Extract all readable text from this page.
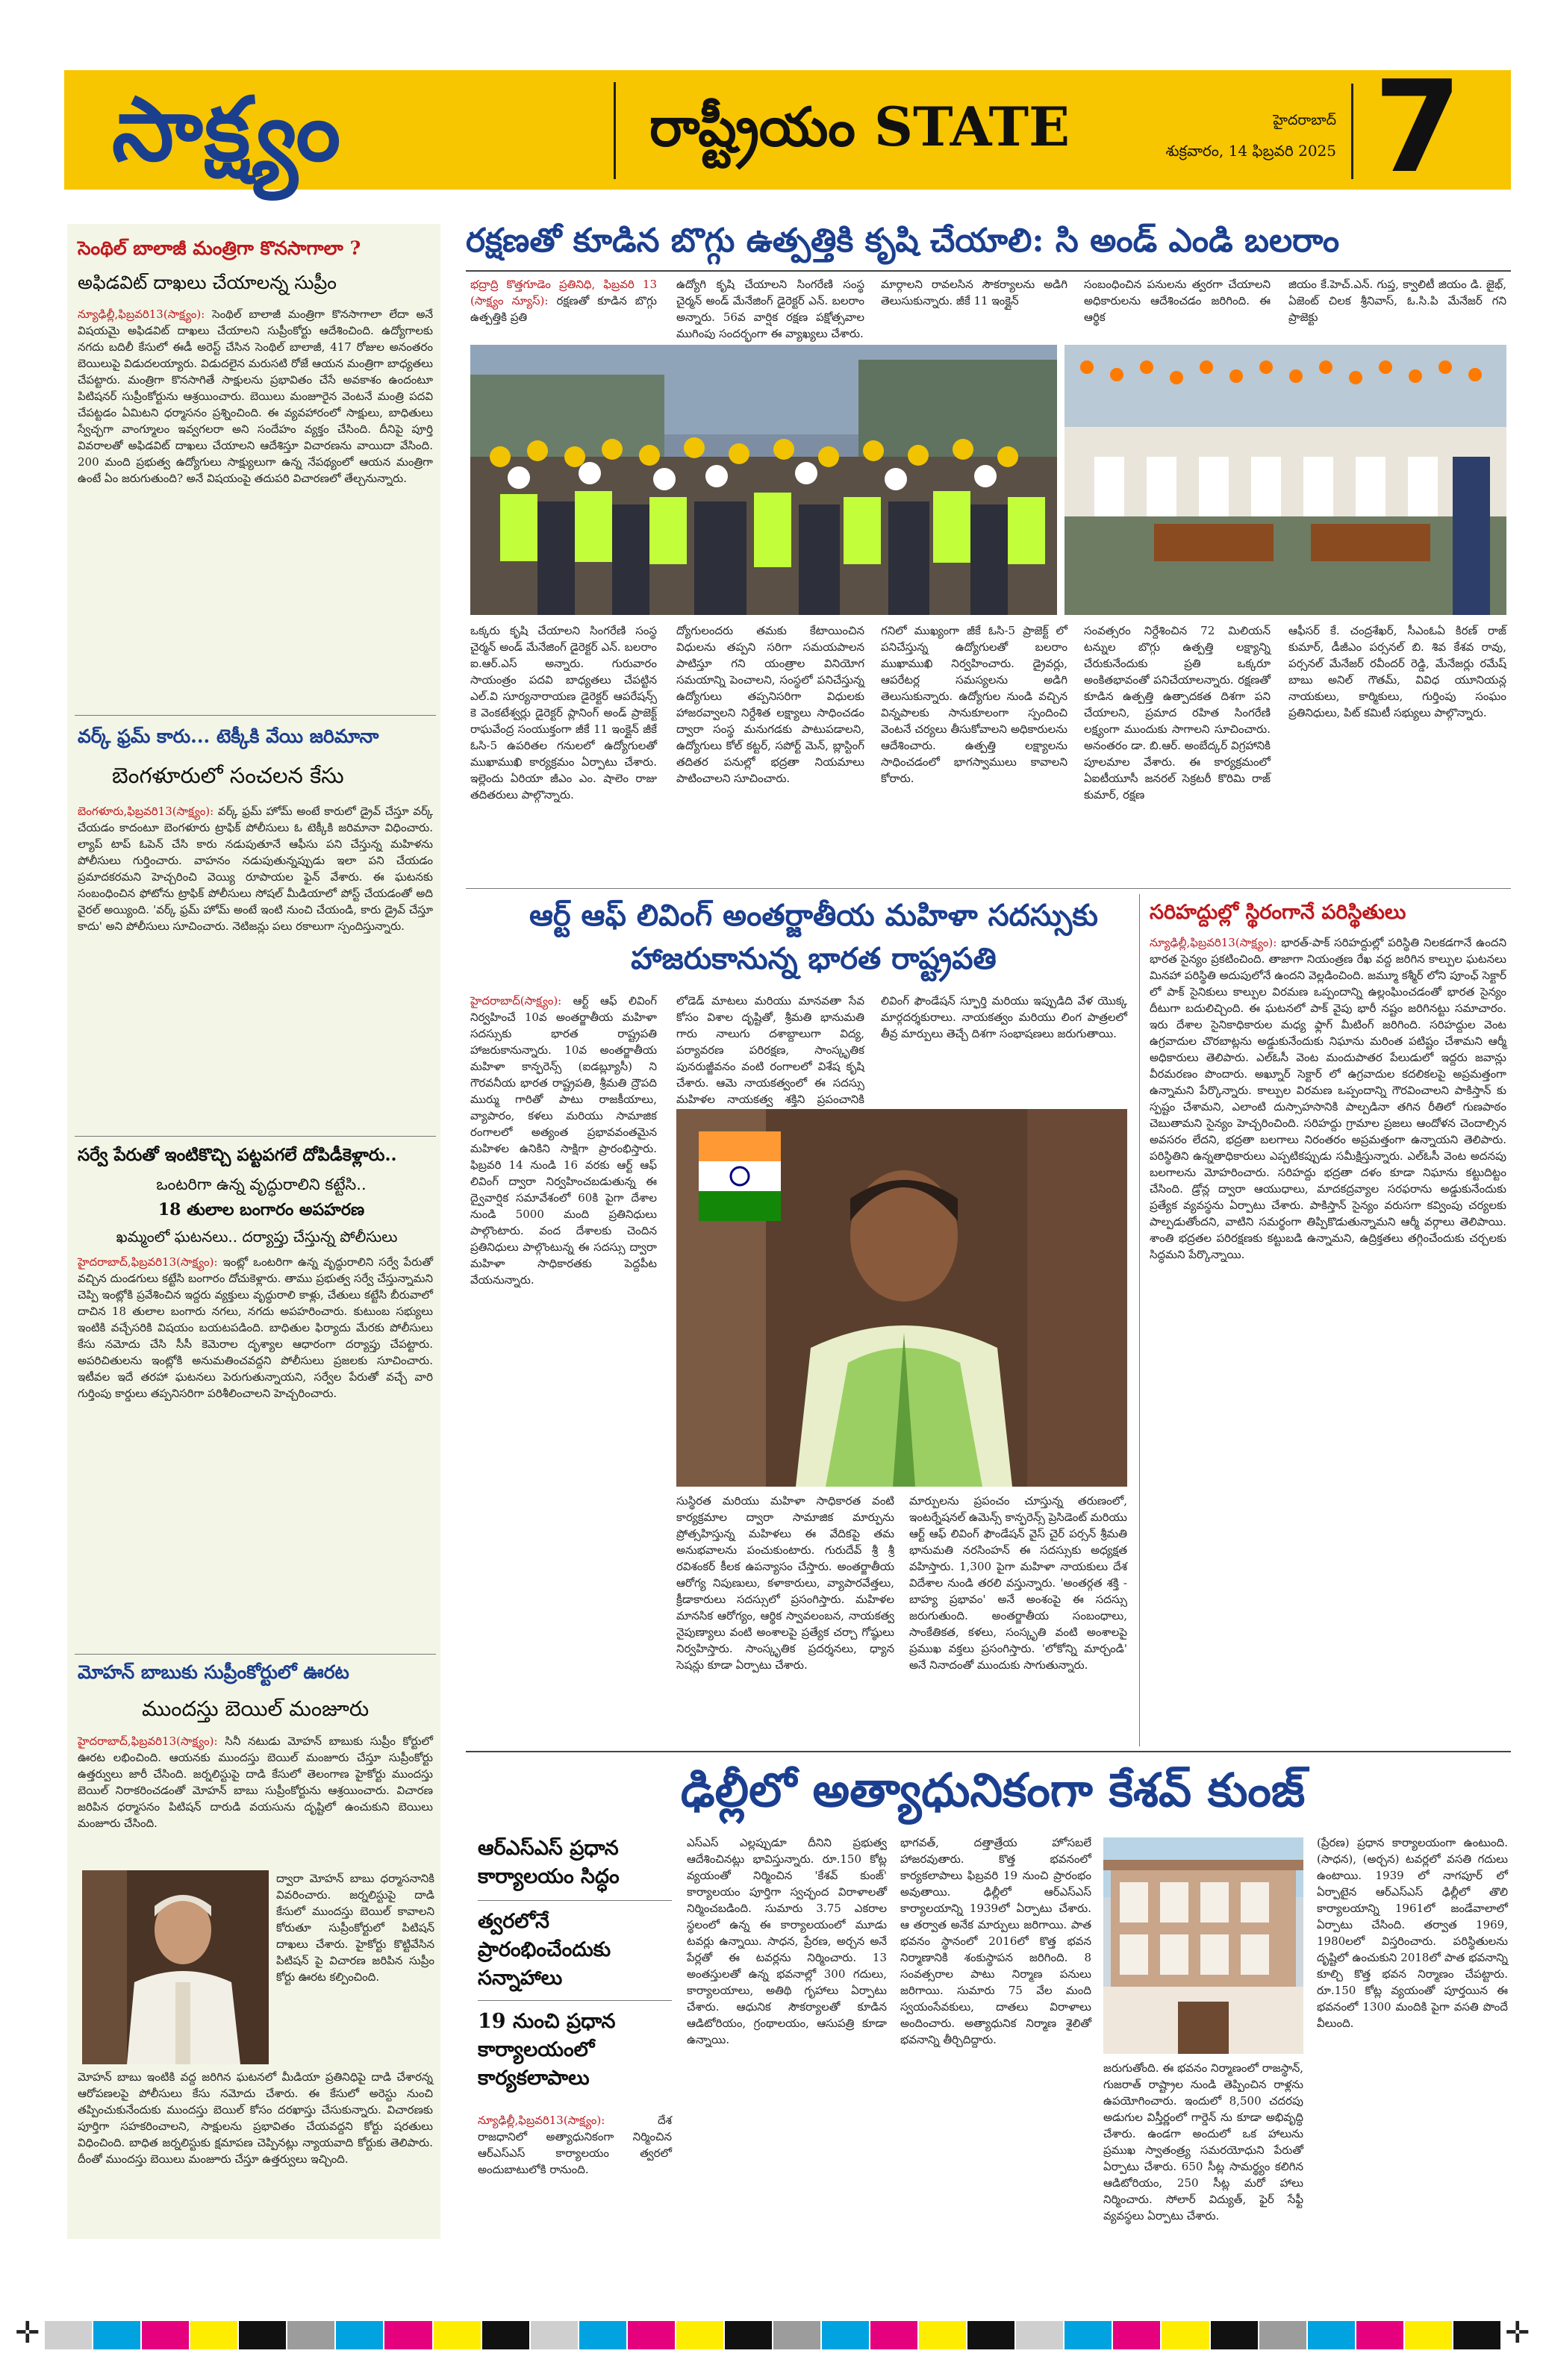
సాక్ష్యం	రాష్ట్రీయం STATE	హైదరాబాద్
శుక్రవారం, 14 ఫిబ్రవరి 2025 7
సెంథిల్ బాలాజీ మంత్రిగా కొనసాగాలా ?
అఫిడవిట్ దాఖలు చేయాలన్న సుప్రీం
న్యూఢిల్లీ,ఫిబ్రవరి13(సాక్ష్యం): సెంథిల్ బాలాజీ మంత్రిగా కొనసాగాలా లేదా అనే విషయమై అఫిడవిట్ దాఖలు చేయాలని సుప్రీంకోర్టు ఆదేశించింది. ఉద్యోగాలకు నగదు బదిలీ కేసులో ఈడీ అరెస్ట్ చేసిన సెంథిల్ బాలాజీ, 417 రోజుల అనంతరం బెయిలుపై విడుదలయ్యారు. విడుదలైన మరుసటి రోజే ఆయన మంత్రిగా బాధ్యతలు చేపట్టారు. మంత్రిగా కొనసాగితే సాక్షులను ప్రభావితం చేసే అవకాశం ఉందంటూ పిటిషనర్ సుప్రీంకోర్టును ఆశ్రయించారు. బెయిలు మంజూరైన వెంటనే మంత్రి పదవి చేపట్టడం ఏమిటని ధర్మాసనం ప్రశ్నించింది. ఈ వ్యవహారంలో సాక్షులు, బాధితులు స్వేచ్ఛగా వాంగ్మూలం ఇవ్వగలరా అని సందేహం వ్యక్తం చేసింది. దీనిపై పూర్తి వివరాలతో అఫిడవిట్ దాఖలు చేయాలని ఆదేశిస్తూ విచారణను వాయిదా వేసింది. 200 మంది ప్రభుత్వ ఉద్యోగులు సాక్ష్యులుగా ఉన్న నేపథ్యంలో ఆయన మంత్రిగా ఉంటే ఏం జరుగుతుంది? అనే విషయంపై తదుపరి విచారణలో తేల్చనున్నారు.
వర్క్ ఫ్రమ్ కారు... టెక్కీకి వేయి జరిమానా
బెంగళూరులో సంచలన కేసు
బెంగళూరు,ఫిబ్రవరి13(సాక్ష్యం): వర్క్ ఫ్రమ్ హోమ్ అంటే కారులో డ్రైవ్ చేస్తూ వర్క్ చేయడం కాదంటూ బెంగళూరు ట్రాఫిక్ పోలీసులు ఓ టెక్కీకి జరిమానా విధించారు. ల్యాప్ టాప్ ఓపెన్ చేసి కారు నడుపుతూనే ఆఫీసు పని చేస్తున్న మహిళను పోలీసులు గుర్తించారు. వాహనం నడుపుతున్నప్పుడు ఇలా పని చేయడం ప్రమాదకరమని హెచ్చరించి వెయ్యి రూపాయల ఫైన్ వేశారు. ఈ ఘటనకు సంబంధించిన ఫోటోను ట్రాఫిక్ పోలీసులు సోషల్ మీడియాలో పోస్ట్ చేయడంతో అది వైరల్ అయ్యింది. 'వర్క్ ఫ్రమ్ హోమ్ అంటే ఇంటి నుంచి చేయండి, కారు డ్రైవ్ చేస్తూ కాదు' అని పోలీసులు సూచించారు. నెటిజన్లు పలు రకాలుగా స్పందిస్తున్నారు.
సర్వే పేరుతో ఇంటికొచ్చి పట్టపగలే దోపిడీకెళ్లారు..
ఒంటరిగా ఉన్న వృద్ధురాలిని కట్టేసి..
18 తులాల బంగారం అపహరణ
ఖమ్మంలో ఘటనలు.. దర్యాప్తు చేస్తున్న పోలీసులు
హైదరాబాద్,ఫిబ్రవరి13(సాక్ష్యం): ఇంట్లో ఒంటరిగా ఉన్న వృద్ధురాలిని సర్వే పేరుతో వచ్చిన దుండగులు కట్టేసి బంగారం దోచుకెళ్లారు. తాము ప్రభుత్వ సర్వే చేస్తున్నామని చెప్పి ఇంట్లోకి ప్రవేశించిన ఇద్దరు వ్యక్తులు వృద్ధురాలి కాళ్లు, చేతులు కట్టేసి బీరువాలో దాచిన 18 తులాల బంగారు నగలు, నగదు అపహరించారు. కుటుంబ సభ్యులు ఇంటికి వచ్చేసరికి విషయం బయటపడింది. బాధితుల ఫిర్యాదు మేరకు పోలీసులు కేసు నమోదు చేసి సీసీ కెమెరాల దృశ్యాల ఆధారంగా దర్యాప్తు చేపట్టారు. అపరిచితులను ఇంట్లోకి అనుమతించవద్దని పోలీసులు ప్రజలకు సూచించారు. ఇటీవల ఇదే తరహా ఘటనలు పెరుగుతున్నాయని, సర్వేల పేరుతో వచ్చే వారి గుర్తింపు కార్డులు తప్పనిసరిగా పరిశీలించాలని హెచ్చరించారు.
మోహన్ బాబుకు సుప్రీంకోర్టులో ఊరట
ముందస్తు బెయిల్ మంజూరు
హైదరాబాద్,ఫిబ్రవరి13(సాక్ష్యం): సినీ నటుడు మోహన్ బాబుకు సుప్రీం కోర్టులో ఊరట లభించింది. ఆయనకు ముందస్తు బెయిల్ మంజూరు చేస్తూ సుప్రీంకోర్టు ఉత్తర్వులు జారీ చేసింది. జర్నలిస్టుపై దాడి కేసులో తెలంగాణ హైకోర్టు ముందస్తు బెయిల్ నిరాకరించడంతో మోహన్ బాబు సుప్రీంకోర్టును ఆశ్రయించారు. విచారణ జరిపిన ధర్మాసనం పిటిషన్ దారుడి వయసును దృష్టిలో ఉంచుకుని బెయిలు మంజూరు చేసింది.
ద్వారా మోహన్ బాబు ధర్మాసనానికి వివరించారు. జర్నలిస్టుపై దాడి కేసులో ముందస్తు బెయిల్ కావాలని కోరుతూ సుప్రీంకోర్టులో పిటిషన్ దాఖలు చేశారు. హైకోర్టు కొట్టివేసిన పిటిషన్ పై విచారణ జరిపిన సుప్రీం కోర్టు ఊరట కల్పించింది.
మోహన్ బాబు ఇంటికి వద్ద జరిగిన ఘటనలో మీడియా ప్రతినిధిపై దాడి చేశారన్న ఆరోపణలపై పోలీసులు కేసు నమోదు చేశారు. ఈ కేసులో అరెస్టు నుంచి తప్పించుకునేందుకు ముందస్తు బెయిల్ కోసం దరఖాస్తు చేసుకున్నారు. విచారణకు పూర్తిగా సహకరించాలని, సాక్షులను ప్రభావితం చేయవద్దని కోర్టు షరతులు విధించింది. బాధిత జర్నలిస్టుకు క్షమాపణ చెప్పినట్లు న్యాయవాది కోర్టుకు తెలిపారు. దీంతో ముందస్తు బెయిలు మంజూరు చేస్తూ ఉత్తర్వులు ఇచ్చింది.
రక్షణతో కూడిన బొగ్గు ఉత్పత్తికి కృషి చేయాలి: సి అండ్ ఎండి బలరాం
భద్రాద్రి కొత్తగూడెం ప్రతినిధి, ఫిబ్రవరి 13 (సాక్ష్యం న్యూస్): రక్షణతో కూడిన బొగ్గు ఉత్పత్తికి ప్రతి
ఉద్యోగి కృషి చేయాలని సింగరేణి సంస్థ చైర్మన్ అండ్ మేనేజింగ్ డైరెక్టర్ ఎన్. బలరాం అన్నారు. 56వ వార్షిక రక్షణ పక్షోత్సవాల ముగింపు సందర్భంగా ఈ వ్యాఖ్యలు చేశారు.
మార్గాలని రావలసిన సౌకర్యాలను అడిగి తెలుసుకున్నారు. జీకే 11 ఇంక్లైన్
సంబంధించిన పనులను త్వరగా చేయాలని అధికారులను ఆదేశించడం జరిగింది. ఈ ఆర్థిక
జియం కే.హెచ్.ఎన్. గుప్త, క్వాలిటీ జియం డి. జైభ్, ఏజెంట్ చిలక శ్రీనివాస్, ఓ.సి.పి మేనేజర్ గని ప్రాజెక్టు
ఒక్కరు కృషి చేయాలని సింగరేణి సంస్థ చైర్మన్ అండ్ మేనేజింగ్ డైరెక్టర్ ఎన్. బలరాం ఐ.ఆర్.ఎస్ అన్నారు. గురువారం సాయంత్రం పదవి బాధ్యతలు చేపట్టిన ఎల్.వి సూర్యనారాయణ డైరెక్టర్ ఆపరేషన్స్ కె వెంకటేశ్వర్లు డైరెక్టర్ ప్లానింగ్ అండ్ ప్రాజెక్ట్ రాఘవేంద్ర సంయుక్తంగా జీకే 11 ఇంక్లైన్ జీకే ఓసి-5 ఉపరితల గనులలో ఉద్యోగులతో ముఖాముఖి కార్యక్రమం ఏర్పాటు చేశారు. ఇల్లెందు ఏరియా జీఎం ఎం. షాలెం రాజు తదితరులు పాల్గొన్నారు.
ద్యోగులందరు తమకు కేటాయించిన విధులను తప్పని సరిగా సమయపాలన పాటిస్తూ గని యంత్రాల వినియోగ సమయాన్ని పెంచాలని, సంస్థలో పనిచేస్తున్న ఉద్యోగులు తప్పనిసరిగా విధులకు హాజరవ్వాలని నిర్దేశిత లక్ష్యాలు సాధించడం ద్వారా సంస్థ మనుగడకు పాటుపడాలని, ఉద్యోగులు కోల్ కట్టర్, సపోర్ట్ మెన్, బ్లాస్టింగ్ తదితర పనుల్లో భద్రతా నియమాలు పాటించాలని సూచించారు.
గనిలో ముఖ్యంగా జీకే ఓసి-5 ప్రాజెక్ట్ లో పనిచేస్తున్న ఉద్యోగులతో బలరాం ముఖాముఖి నిర్వహించారు. డ్రైవర్లు, ఆపరేటర్ల సమస్యలను అడిగి తెలుసుకున్నారు. ఉద్యోగుల నుండి వచ్చిన విన్నపాలకు సానుకూలంగా స్పందించి వెంటనే చర్యలు తీసుకోవాలని అధికారులను ఆదేశించారు. ఉత్పత్తి లక్ష్యాలను సాధించడంలో భాగస్వాములు కావాలని కోరారు.
సంవత్సరం నిర్దేశించిన 72 మిలియన్ టన్నుల బొగ్గు ఉత్పత్తి లక్ష్యాన్ని చేరుకునేందుకు ప్రతి ఒక్కరూ అంకితభావంతో పనిచేయాలన్నారు. రక్షణతో కూడిన ఉత్పత్తి ఉత్పాదకత దిశగా పని చేయాలని, ప్రమాద రహిత సింగరేణి లక్ష్యంగా ముందుకు సాగాలని సూచించారు. అనంతరం డా. బి.ఆర్. అంబేద్కర్ విగ్రహానికి పూలమాల వేశారు. ఈ కార్యక్రమంలో ఏఐటీయూసీ జనరల్ సెక్రటరీ కొరిమి రాజ్ కుమార్, రక్షణ
ఆఫీసర్ కే. చంద్రశేఖర్, సీఎంఓఏ కిరణ్ రాజ్ కుమార్, డీజీఎం పర్సనల్ బి. శివ కేశవ రావు, పర్సనల్ మేనేజర్ రవీందర్ రెడ్డి, మేనేజర్లు రమేష్ బాబు అనిల్ గౌతమ్, వివిధ యూనియన్ల నాయకులు, కార్మికులు, గుర్తింపు సంఘం ప్రతినిధులు, పిట్ కమిటీ సభ్యులు పాల్గొన్నారు.
ఆర్ట్ ఆఫ్ లివింగ్ అంతర్జాతీయ మహిళా సదస్సుకు
హాజరుకానున్న భారత రాష్ట్రపతి
హైదరాబాద్(సాక్ష్యం): ఆర్ట్ ఆఫ్ లివింగ్ నిర్వహించే 10వ అంతర్జాతీయ మహిళా సదస్సుకు భారత రాష్ట్రపతి హాజరుకానున్నారు. 10వ అంతర్జాతీయ మహిళా కాన్ఫరెన్స్ (ఐడబ్ల్యూసీ) ని గౌరవనీయ భారత రాష్ట్రపతి, శ్రీమతి ద్రౌపది ముర్ము గారితో పాటు రాజకీయాలు, వ్యాపారం, కళలు మరియు సామాజిక రంగాలలో అత్యంత ప్రభావవంతమైన మహిళల ఉనికిని సాక్షిగా ప్రారంభిస్తారు. ఫిబ్రవరి 14 నుండి 16 వరకు ఆర్ట్ ఆఫ్ లివింగ్ ద్వారా నిర్వహించబడుతున్న ఈ ద్వైవార్షిక సమావేశంలో 60కి పైగా దేశాల నుండి 5000 మంది ప్రతినిధులు పాల్గొంటారు. వంద దేశాలకు చెందిన ప్రతినిధులు పాల్గొంటున్న ఈ సదస్సు ద్వారా మహిళా సాధికారతకు పెద్దపీట వేయనున్నారు.
లోడెడ్ మాటలు మరియు మానవతా సేవ కోసం విశాల దృష్టితో, శ్రీమతి భానుమతి గారు నాలుగు దశాబ్దాలుగా విద్య, పర్యావరణ పరిరక్షణ, సాంస్కృతిక పునరుజ్జీవనం వంటి రంగాలలో విశేష కృషి చేశారు. ఆమె నాయకత్వంలో ఈ సదస్సు మహిళల నాయకత్వ శక్తిని ప్రపంచానికి
లివింగ్ ఫౌండేషన్ స్ఫూర్తి మరియు ఇప్పుడిది వేళ యొక్క మార్గదర్శకురాలు. నాయకత్వం మరియు లింగ పాత్రలలో తీవ్ర మార్పులు తెచ్చే దిశగా సంభాషణలు జరుగుతాయి.
సుస్థిరత మరియు మహిళా సాధికారత వంటి కార్యక్రమాల ద్వారా సామాజిక మార్పును ప్రోత్సహిస్తున్న మహిళలు ఈ వేదికపై తమ అనుభవాలను పంచుకుంటారు. గురుదేవ్ శ్రీ శ్రీ రవిశంకర్ కీలక ఉపన్యాసం చేస్తారు. అంతర్జాతీయ ఆరోగ్య నిపుణులు, కళాకారులు, వ్యాపారవేత్తలు, క్రీడాకారులు సదస్సులో ప్రసంగిస్తారు. మహిళల మానసిక ఆరోగ్యం, ఆర్థిక స్వావలంబన, నాయకత్వ నైపుణ్యాలు వంటి అంశాలపై ప్రత్యేక చర్చా గోష్ఠులు నిర్వహిస్తారు. సాంస్కృతిక ప్రదర్శనలు, ధ్యాన సెషన్లు కూడా ఏర్పాటు చేశారు.
మార్పులను ప్రపంచం చూస్తున్న తరుణంలో, ఇంటర్నేషనల్ ఉమెన్స్ కాన్ఫరెన్స్ ప్రెసిడెంట్ మరియు ఆర్ట్ ఆఫ్ లివింగ్ ఫౌండేషన్ వైస్ చైర్ పర్సన్ శ్రీమతి భానుమతి నరసింహన్ ఈ సదస్సుకు అధ్యక్షత వహిస్తారు. 1,300 పైగా మహిళా నాయకులు దేశ విదేశాల నుండి తరలి వస్తున్నారు. 'అంతర్గత శక్తి - బాహ్య ప్రభావం' అనే అంశంపై ఈ సదస్సు జరుగుతుంది. అంతర్జాతీయ సంబంధాలు, సాంకేతికత, కళలు, సంస్కృతి వంటి అంశాలపై ప్రముఖ వక్తలు ప్రసంగిస్తారు. 'లోకోన్ని మార్చండి' అనే నినాదంతో ముందుకు సాగుతున్నారు.
సరిహద్దుల్లో స్థిరంగానే పరిస్థితులు
న్యూఢిల్లీ,ఫిబ్రవరి13(సాక్ష్యం): భారత్-పాక్ సరిహద్దుల్లో పరిస్థితి నిలకడగానే ఉందని భారత సైన్యం ప్రకటించింది. తాజాగా నియంత్రణ రేఖ వద్ద జరిగిన కాల్పుల ఘటనలు మినహా పరిస్థితి అదుపులోనే ఉందని వెల్లడించింది. జమ్మూ కశ్మీర్ లోని పూంఛ్ సెక్టార్ లో పాక్ సైనికులు కాల్పుల విరమణ ఒప్పందాన్ని ఉల్లంఘించడంతో భారత సైన్యం దీటుగా బదులిచ్చింది. ఈ ఘటనలో పాక్ వైపు భారీ నష్టం జరిగినట్టు సమాచారం. ఇరు దేశాల సైనికాధికారుల మధ్య ఫ్లాగ్ మీటింగ్ జరిగింది. సరిహద్దుల వెంట ఉగ్రవాదుల చొరబాట్లను అడ్డుకునేందుకు నిఘాను మరింత పటిష్టం చేశామని ఆర్మీ అధికారులు తెలిపారు. ఎల్ఓసీ వెంట మందుపాతర పేలుడులో ఇద్దరు జవాన్లు వీరమరణం పొందారు. అఖ్నూర్ సెక్టార్ లో ఉగ్రవాదుల కదలికలపై అప్రమత్తంగా ఉన్నామని పేర్కొన్నారు. కాల్పుల విరమణ ఒప్పందాన్ని గౌరవించాలని పాకిస్తాన్ కు స్పష్టం చేశామని, ఎలాంటి దుస్సాహసానికి పాల్పడినా తగిన రీతిలో గుణపాఠం చెబుతామని సైన్యం హెచ్చరించింది. సరిహద్దు గ్రామాల ప్రజలు ఆందోళన చెందాల్సిన అవసరం లేదని, భద్రతా బలగాలు నిరంతరం అప్రమత్తంగా ఉన్నాయని తెలిపారు. పరిస్థితిని ఉన్నతాధికారులు ఎప్పటికప్పుడు సమీక్షిస్తున్నారు. ఎల్ఓసీ వెంట అదనపు బలగాలను మోహరించారు. సరిహద్దు భద్రతా దళం కూడా నిఘాను కట్టుదిట్టం చేసింది. డ్రోన్ల ద్వారా ఆయుధాలు, మాదకద్రవ్యాల సరఫరాను అడ్డుకునేందుకు ప్రత్యేక వ్యవస్థను ఏర్పాటు చేశారు. పాకిస్తాన్ సైన్యం వరుసగా కవ్వింపు చర్యలకు పాల్పడుతోందని, వాటిని సమర్థంగా తిప్పికొడుతున్నామని ఆర్మీ వర్గాలు తెలిపాయి. శాంతి భద్రతల పరిరక్షణకు కట్టుబడి ఉన్నామని, ఉద్రిక్తతలు తగ్గించేందుకు చర్చలకు సిద్ధమని పేర్కొన్నాయి.
ఢిల్లీలో అత్యాధునికంగా కేశవ్ కుంజ్
ఆర్ఎస్ఎస్ ప్రధాన కార్యాలయం సిద్ధం
త్వరలోనే ప్రారంభించేందుకు సన్నాహాలు
19 నుంచి ప్రధాన కార్యాలయంలో కార్యకలాపాలు
న్యూఢిల్లీ,ఫిబ్రవరి13(సాక్ష్యం):	దేశ రాజధానిలో అత్యాధునికంగా నిర్మించిన ఆర్ఎస్ఎస్ కార్యాలయం త్వరలో అందుబాటులోకి రానుంది.
ఎస్ఎస్ ఎల్లప్పుడూ దీనిని ప్రభుత్వ ఆదేశించినట్లు భావిస్తున్నారు. రూ.150 కోట్ల వ్యయంతో నిర్మించిన 'కేశవ్ కుంజ్' కార్యాలయం పూర్తిగా స్వచ్ఛంద విరాళాలతో నిర్మించబడింది. సుమారు 3.75 ఎకరాల స్థలంలో ఉన్న ఈ కార్యాలయంలో మూడు టవర్లు ఉన్నాయి. సాధన, ప్రేరణ, అర్చన అనే పేర్లతో ఈ టవర్లను నిర్మించారు. 13 అంతస్తులతో ఉన్న భవనాల్లో 300 గదులు, కార్యాలయాలు, అతిథి గృహాలు ఏర్పాటు చేశారు. ఆధునిక సౌకర్యాలతో కూడిన ఆడిటోరియం, గ్రంథాలయం, ఆసుపత్రి కూడా ఉన్నాయి.
భాగవత్, దత్తాత్రేయ హోసబలే హాజరవుతారు. కొత్త భవనంలో కార్యకలాపాలు ఫిబ్రవరి 19 నుంచి ప్రారంభం అవుతాయి. ఢిల్లీలో ఆర్ఎస్ఎస్ కార్యాలయాన్ని 1939లో ఏర్పాటు చేశారు. ఆ తర్వాత అనేక మార్పులు జరిగాయి. పాత భవనం స్థానంలో 2016లో కొత్త భవన నిర్మాణానికి శంకుస్థాపన జరిగింది. 8 సంవత్సరాల పాటు నిర్మాణ పనులు జరిగాయి. సుమారు 75 వేల మంది స్వయంసేవకులు, దాతలు విరాళాలు అందించారు. అత్యాధునిక నిర్మాణ శైలితో భవనాన్ని తీర్చిదిద్దారు.
జరుగుతోంది. ఈ భవనం నిర్మాణంలో రాజస్థాన్, గుజరాత్ రాష్ట్రాల నుండి తెప్పించిన రాళ్లను ఉపయోగించారు. ఇందులో 8,500 చదరపు అడుగుల విస్తీర్ణంలో గార్డెన్ ను కూడా అభివృద్ధి చేశారు. ఉండగా అందులో ఒక హాలును ప్రముఖ స్వాతంత్ర్య సమరయోధుని పేరుతో ఏర్పాటు చేశారు. 650 సీట్ల సామర్థ్యం కలిగిన ఆడిటోరియం, 250 సీట్ల మరో హాలు నిర్మించారు. సోలార్ విద్యుత్, ఫైర్ సేఫ్టీ వ్యవస్థలు ఏర్పాటు చేశారు.
(ప్రేరణ) ప్రధాన కార్యాలయంగా ఉంటుంది. (సాధన), (అర్చన) టవర్లలో వసతి గదులు ఉంటాయి. 1939 లో నాగపూర్ లో ఏర్పాటైన ఆర్ఎస్ఎస్ ఢిల్లీలో తొలి కార్యాలయాన్ని 1961లో జండేవాలాలో ఏర్పాటు చేసింది. తర్వాత 1969, 1980లలో విస్తరించారు. పరిస్థితులను దృష్టిలో ఉంచుకుని 2018లో పాత భవనాన్ని కూల్చి కొత్త భవన నిర్మాణం చేపట్టారు. రూ.150 కోట్ల వ్యయంతో పూర్తయిన ఈ భవనంలో 1300 మందికి పైగా వసతి పొందే వీలుంది.
✛	✛
